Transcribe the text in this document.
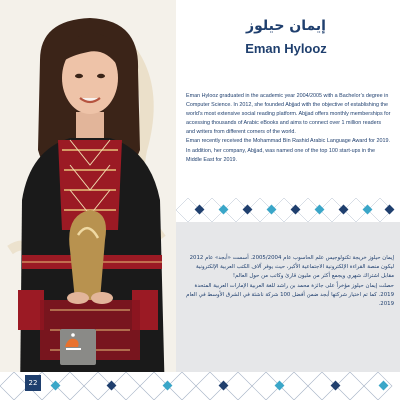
إيمان حيلوز
Eman Hylooz

Eman Hylooz graduated in the academic year 2004/2005 with a Bachelor’s degree in Computer Science. In 2012, she founded Abjjad with the objective of establishing the world’s most extensive social reading platform. Abjjad offers monthly memberships for accessing thousands of Arabic eBooks and aims to connect over 1 million readers and writers from different corners of the world.

Eman recently received the Mohammad Bin Rashid Arabic Language Award for 2019. In addition, her company, Abjjad, was named one of the top 100 start-ups in the Middle East for 2019.

إيمان حيلوز خريجة تكنولوجيس علم الحاسوب عام 2005/2004. أسست «أبجد» عام 2012 ليكون منصة القراءة الإلكترونية الاجتماعية الأكبر، حيث يوفر آلاف الكتب العربية الإلكترونية مقابل اشتراك شهري ويجمع أكثر من مليون قارئ وكاتب من حول العالم!

حصلت إيمان حيلوز مؤخراً على جائزة محمد بن راشد للغة العربية الإمارات العربية المتحدة 2019. كما تم اختيار شركتها أبجد ضمن أفضل 100 شركة ناشئة في الشرق الأوسط في العام 2019.

22
